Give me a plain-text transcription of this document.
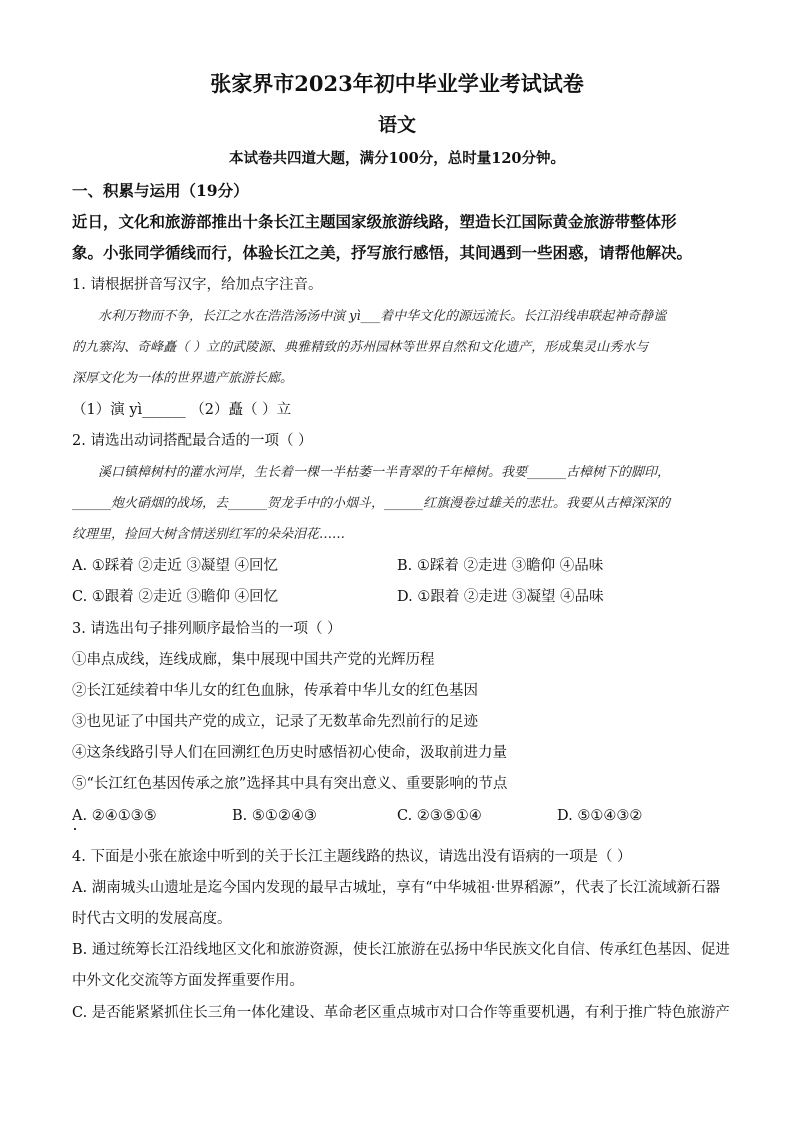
张家界市2023年初中毕业学业考试试卷
语文
本试卷共四道大题，满分100分，总时量120分钟。
一、积累与运用（19分）
近日，文化和旅游部推出十条长江主题国家级旅游线路，塑造长江国际黄金旅游带整体形
象。小张同学循线而行，体验长江之美，抒写旅行感悟，其间遇到一些困惑，请帮他解决。
1. 请根据拼音写汉字，给加点字注音。
水利万物而不争，长江之水在浩浩汤汤中演 yì___着中华文化的源远流长。长江沿线串联起神奇静谧
的九寨沟、奇峰矗（ ）立的武陵源、典雅精致的苏州园林等世界自然和文化遗产，形成集灵山秀水与
深厚文化为一体的世界遗产旅游长廊。
（1）演 yì______ （2）矗（ ）立
2. 请选出动词搭配最合适的一项（ ）
溪口镇樟树村的灌水河岸，生长着一棵一半枯萎一半青翠的千年樟树。我要______古樟树下的脚印，
______炮火硝烟的战场，去______贺龙手中的小烟斗，______红旗漫卷过雄关的悲壮。我要从古樟深深的
纹理里，捡回大树含情送别红军的朵朵泪花……
A. ①踩着 ②走近 ③凝望 ④回忆	B. ①踩着 ②走进 ③瞻仰 ④品味
C. ①跟着 ②走近 ③瞻仰 ④回忆	D. ①跟着 ②走进 ③凝望 ④品味
3. 请选出句子排列顺序最恰当的一项（ ）
①串点成线，连线成廊，集中展现中国共产党的光辉历程
②长江延续着中华儿女的红色血脉，传承着中华儿女的红色基因
③也见证了中国共产党的成立，记录了无数革命先烈前行的足迹
④这条线路引导人们在回溯红色历史时感悟初心使命，汲取前进力量
⑤“长江红色基因传承之旅”选择其中具有突出意义、重要影响的节点
A. ②④①③⑤	B. ⑤①②④③	C. ②③⑤①④	D. ⑤①④③②
4. 下面是小张在旅途中听到的关于长江主题线路的热议，请选出没有语病的一项是（ ）
A. 湖南城头山遗址是迄今国内发现的最早古城址，享有“中华城祖·世界稻源”，代表了长江流域新石器
时代古文明的发展高度。
B. 通过统筹长江沿线地区文化和旅游资源，使长江旅游在弘扬中华民族文化自信、传承红色基因、促进
中外文化交流等方面发挥重要作用。
C. 是否能紧紧抓住长三角一体化建设、革命老区重点城市对口合作等重要机遇，有利于推广特色旅游产
